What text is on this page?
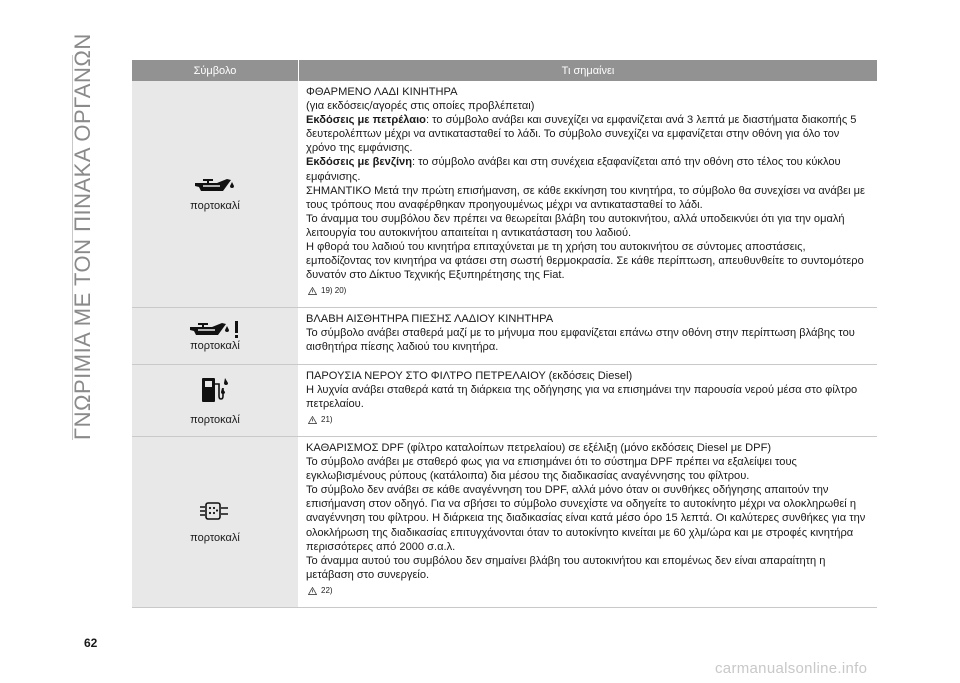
ΓΝΩΡΙΜΙΑ ΜΕ ΤΟΝ ΠΙΝΑΚΑ ΟΡΓΑΝΩΝ	Σύμβολο	Τι σημαίνει
πορτοκαλί

ΦΘΑΡΜΕΝΟ ΛΑΔΙ ΚΙΝΗΤΗΡΑ

(για εκδόσεις/αγορές στις οποίες προβλέπεται)

Εκδόσεις με πετρέλαιο: το σύμβολο ανάβει και συνεχίζει να εμφανίζεται ανά 3 λεπτά με διαστήματα διακοπής 5 δευτερολέπτων μέχρι να αντικατασταθεί το λάδι. Το σύμβολο συνεχίζει να εμφανίζεται στην οθόνη για όλο τον χρόνο της εμφάνισης.

Εκδόσεις με βενζίνη: το σύμβολο ανάβει και στη συνέχεια εξαφανίζεται από την οθόνη στο τέλος του κύκλου εμφάνισης.

ΣΗΜΑΝΤΙΚΟ Μετά την πρώτη επισήμανση, σε κάθε εκκίνηση του κινητήρα, το σύμβολο θα συνεχίσει να ανάβει με τους τρόπους που αναφέρθηκαν προηγουμένως μέχρι να αντικατασταθεί το λάδι.

Το άναμμα του συμβόλου δεν πρέπει να θεωρείται βλάβη του αυτοκινήτου, αλλά υποδεικνύει ότι για την ομαλή λειτουργία του αυτοκινήτου απαιτείται η αντικατάσταση του λαδιού.

Η φθορά του λαδιού του κινητήρα επιταχύνεται με τη χρήση του αυτοκινήτου σε σύντομες αποστάσεις, εμποδίζοντας τον κινητήρα να φτάσει στη σωστή θερμοκρασία. Σε κάθε περίπτωση, απευθυνθείτε το συντομότερο δυνατόν στο Δίκτυο Τεχνικής Εξυπηρέτησης της Fiat.

19) 20)
πορτοκαλί

ΒΛΑΒΗ ΑΙΣΘΗΤΗΡΑ ΠΙΕΣΗΣ ΛΑΔΙΟΥ ΚΙΝΗΤΗΡΑ

Το σύμβολο ανάβει σταθερά μαζί με το μήνυμα που εμφανίζεται επάνω στην οθόνη στην περίπτωση βλάβης του αισθητήρα πίεσης λαδιού του κινητήρα.

πορτοκαλί

ΠΑΡΟΥΣΙΑ ΝΕΡΟΥ ΣΤΟ ΦΙΛΤΡΟ ΠΕΤΡΕΛΑΙΟΥ (εκδόσεις Diesel)

Η λυχνία ανάβει σταθερά κατά τη διάρκεια της οδήγησης για να επισημάνει την παρουσία νερού μέσα στο φίλτρο πετρελαίου.

21)
πορτοκαλί

ΚΑΘΑΡΙΣΜΟΣ DPF (φίλτρο καταλοίπων πετρελαίου) σε εξέλιξη (μόνο εκδόσεις Diesel με DPF)

Το σύμβολο ανάβει με σταθερό φως για να επισημάνει ότι το σύστημα DPF πρέπει να εξαλείψει τους εγκλωβισμένους ρύπους (κατάλοιπα) δια μέσου της διαδικασίας αναγέννησης του φίλτρου.

Το σύμβολο δεν ανάβει σε κάθε αναγέννηση του DPF, αλλά μόνο όταν οι συνθήκες οδήγησης απαιτούν την επισήμανση στον οδηγό. Για να σβήσει το σύμβολο συνεχίστε να οδηγείτε το αυτοκίνητο μέχρι να ολοκληρωθεί η αναγέννηση του φίλτρου. Η διάρκεια της διαδικασίας είναι κατά μέσο όρο 15 λεπτά. Οι καλύτερες συνθήκες για την ολοκλήρωση της διαδικασίας επιτυγχάνονται όταν το αυτοκίνητο κινείται με 60 χλμ/ώρα και με στροφές κινητήρα περισσότερες από 2000 σ.α.λ.

Το άναμμα αυτού του συμβόλου δεν σημαίνει βλάβη του αυτοκινήτου και επομένως δεν είναι απαραίτητη η μετάβαση στο συνεργείο.

22)
62
carmanualsonline.info
